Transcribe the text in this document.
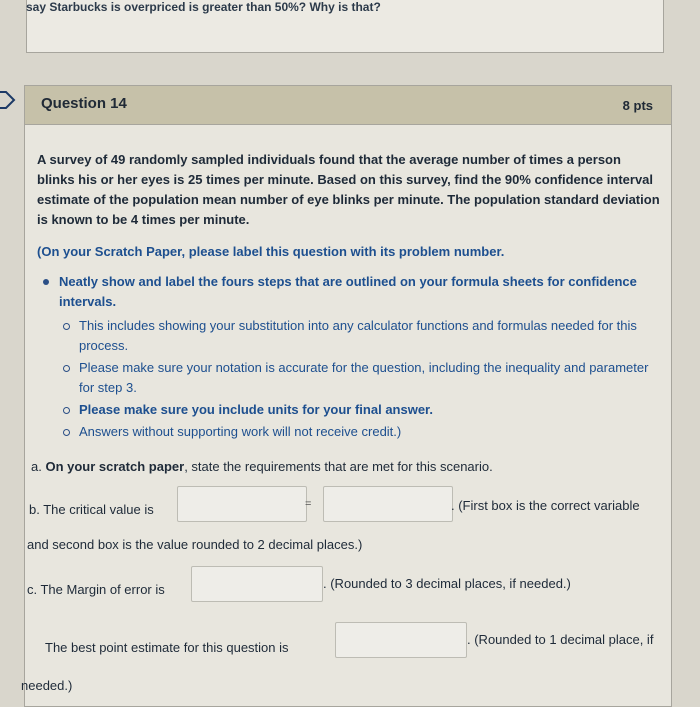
say Starbucks is overpriced is greater than 50%? Why is that?
Question 14	8 pts
A survey of 49 randomly sampled individuals found that the average number of times a person blinks his or her eyes is 25 times per minute. Based on this survey, find the 90% confidence interval estimate of the population mean number of eye blinks per minute. The population standard deviation is known to be 4 times per minute.
(On your Scratch Paper, please label this question with its problem number.
Neatly show and label the fours steps that are outlined on your formula sheets for confidence intervals.
This includes showing your substitution into any calculator functions and formulas needed for this process.
Please make sure your notation is accurate for the question, including the inequality and parameter for step 3.
Please make sure you include units for your final answer.
Answers without supporting work will not receive credit.)
a. On your scratch paper, state the requirements that are met for this scenario.
b. The critical value is	=	. (First box is the correct variable
and second box is the value rounded to 2 decimal places.)
c. The Margin of error is	. (Rounded to 3 decimal places, if needed.)
The best point estimate for this question is
. (Rounded to 1 decimal place, if
needed.)
